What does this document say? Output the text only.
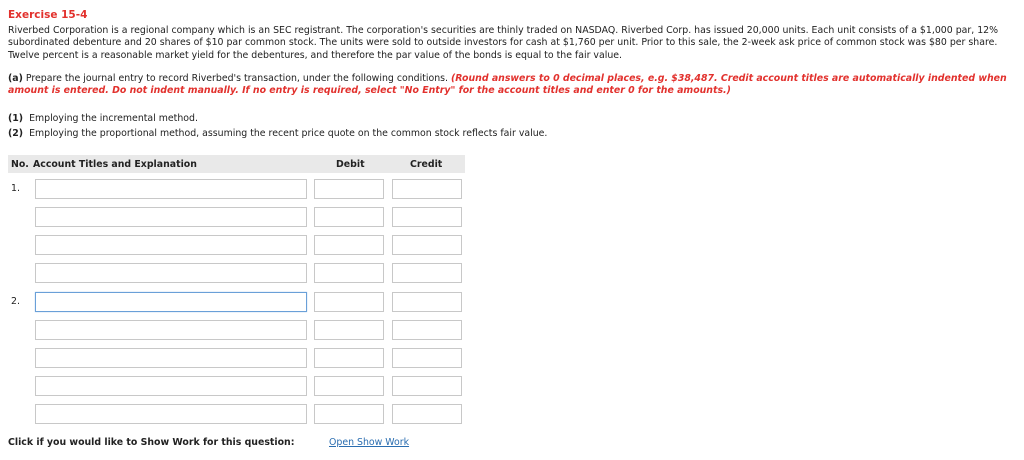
Exercise 15-4
Riverbed Corporation is a regional company which is an SEC registrant. The corporation's securities are thinly traded on NASDAQ. Riverbed Corp. has issued 20,000 units. Each unit consists of a $1,000 par, 12% subordinated debenture and 20 shares of $10 par common stock. The units were sold to outside investors for cash at $1,760 per unit. Prior to this sale, the 2-week ask price of common stock was $80 per share. Twelve percent is a reasonable market yield for the debentures, and therefore the par value of the bonds is equal to the fair value.
(a) Prepare the journal entry to record Riverbed's transaction, under the following conditions. (Round answers to 0 decimal places, e.g. $38,487. Credit account titles are automatically indented when amount is entered. Do not indent manually. If no entry is required, select "No Entry" for the account titles and enter 0 for the amounts.)
(1) Employing the incremental method.
(2) Employing the proportional method, assuming the recent price quote on the common stock reflects fair value.
No. Account Titles and Explanation	Debit	Credit
1.
2.
Click if you would like to Show Work for this question:	Open Show Work
